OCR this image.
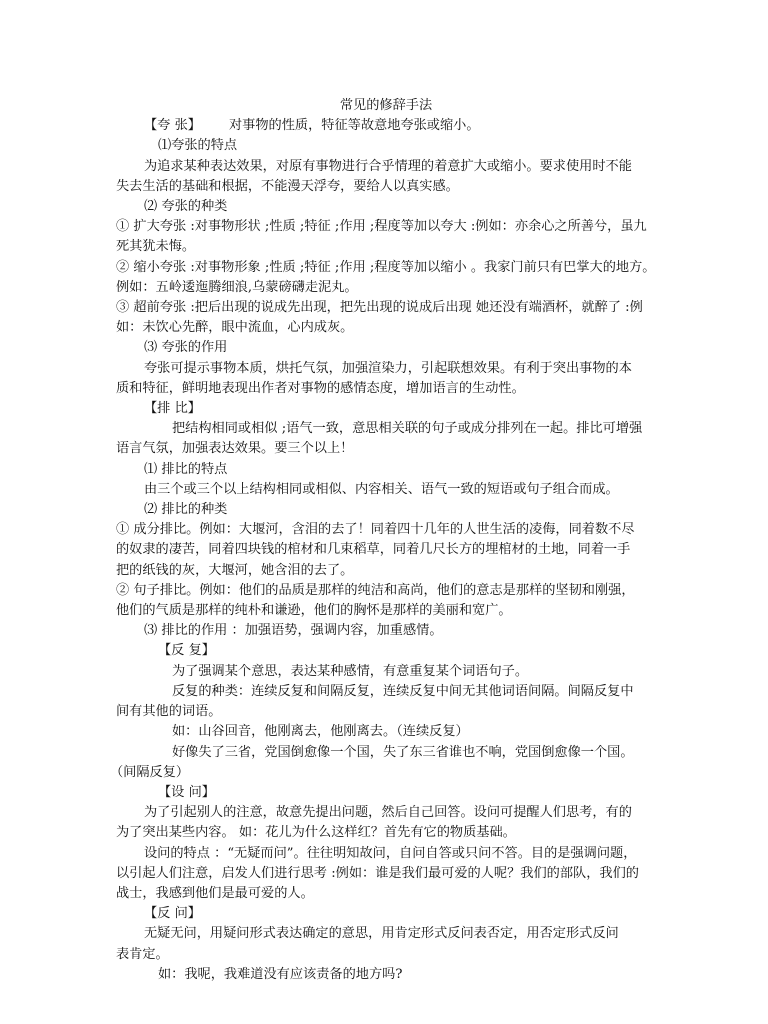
常见的修辞手法
【夸 张】 对事物的性质，特征等故意地夸张或缩小。
⑴夸张的特点
为追求某种表达效果，对原有事物进行合乎情理的着意扩大或缩小。要求使用时不能
失去生活的基础和根据，不能漫天浮夸，要给人以真实感。
⑵ 夸张的种类
① 扩大夸张 :对事物形状 ;性质 ;特征 ;作用 ;程度等加以夸大 :例如：亦余心之所善兮，虽九
死其犹未悔。
② 缩小夸张 :对事物形象 ;性质 ;特征 ;作用 ;程度等加以缩小 。我家门前只有巴掌大的地方。
例如：五岭逶迤腾细浪,乌蒙磅礴走泥丸。
③ 超前夸张 :把后出现的说成先出现，把先出现的说成后出现 她还没有端酒杯，就醉了 :例
如：未饮心先醉，眼中流血，心内成灰。
⑶ 夸张的作用
夸张可提示事物本质，烘托气氛，加强渲染力，引起联想效果。有利于突出事物的本
质和特征，鲜明地表现出作者对事物的感情态度，增加语言的生动性。
【排 比】
把结构相同或相似 ;语气一致，意思相关联的句子或成分排列在一起。排比可增强
语言气氛，加强表达效果。要三个以上！
⑴ 排比的特点
由三个或三个以上结构相同或相似、内容相关、语气一致的短语或句子组合而成。
⑵ 排比的种类
① 成分排比。例如：大堰河，含泪的去了！同着四十几年的人世生活的凌侮，同着数不尽
的奴隶的凄苦，同着四块钱的棺材和几束稻草，同着几尺长方的埋棺材的土地，同着一手
把的纸钱的灰，大堰河，她含泪的去了。
② 句子排比。例如：他们的品质是那样的纯洁和高尚，他们的意志是那样的坚韧和刚强，
他们的气质是那样的纯朴和谦逊，他们的胸怀是那样的美丽和宽广。
⑶ 排比的作用 ：加强语势，强调内容，加重感情。
【反 复】
为了强调某个意思，表达某种感情，有意重复某个词语句子。
反复的种类：连续反复和间隔反复，连续反复中间无其他词语间隔。间隔反复中
间有其他的词语。
如：山谷回音，他刚离去，他刚离去。（连续反复）
好像失了三省，党国倒愈像一个国，失了东三省谁也不响，党国倒愈像一个国。
（间隔反复）
【设 问】
为了引起别人的注意，故意先提出问题，然后自己回答。设问可提醒人们思考，有的
为了突出某些内容。 如：花儿为什么这样红？首先有它的物质基础。
设问的特点 ：“无疑而问”。往往明知故问，自问自答或只问不答。目的是强调问题，
以引起人们注意，启发人们进行思考 :例如：谁是我们最可爱的人呢？我们的部队，我们的
战士，我感到他们是最可爱的人。
【反 问】
无疑无问，用疑问形式表达确定的意思，用肯定形式反问表否定，用否定形式反问
表肯定。
如：我呢，我难道没有应该责备的地方吗?
